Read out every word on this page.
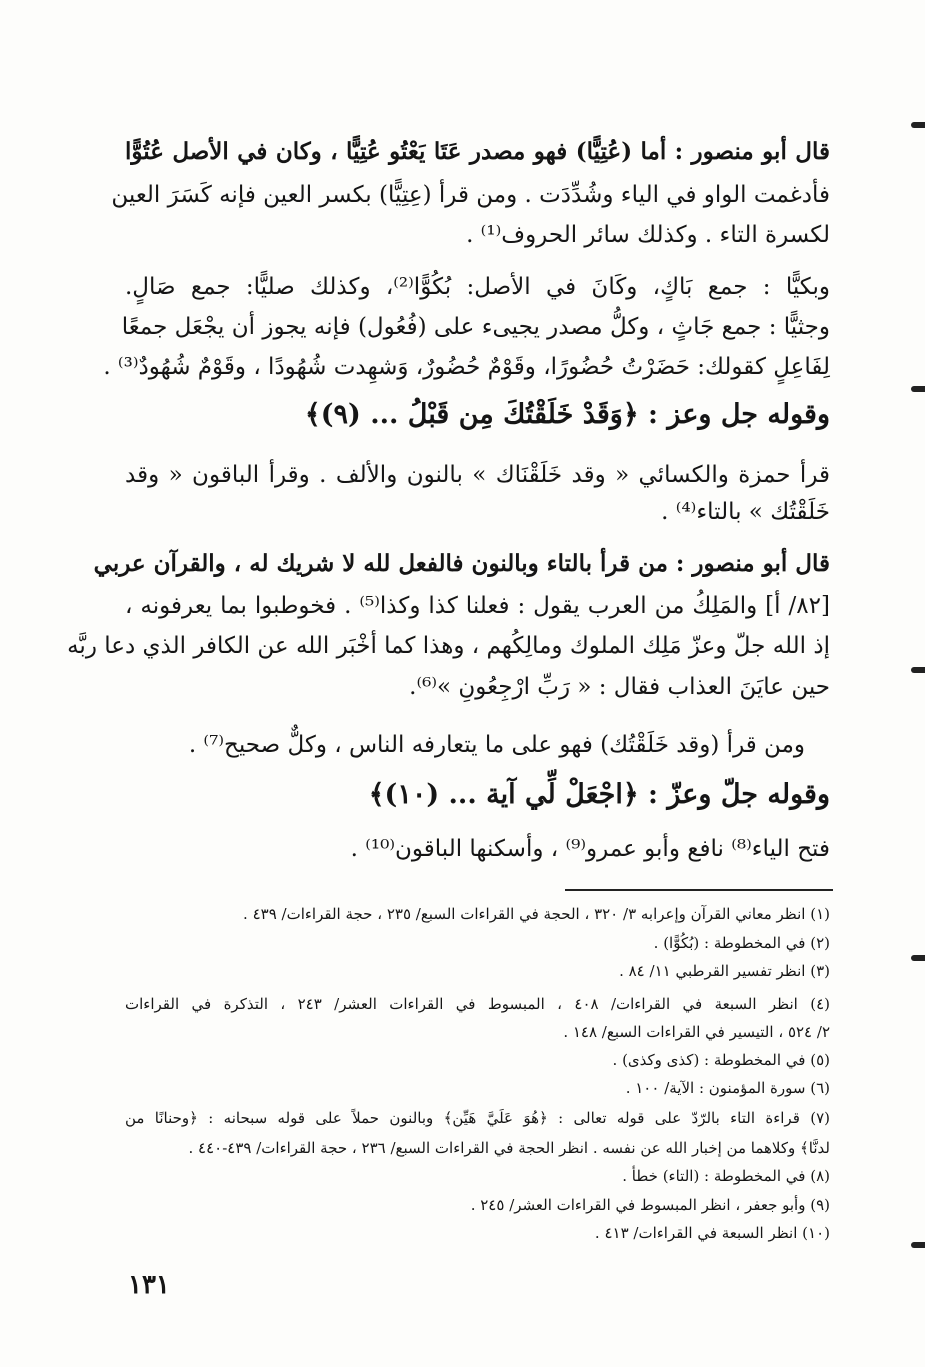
قال أبو منصور : أما (عُتِيًّا) فهو مصدر عَتَا يَعْتُو عُتِيًّا ، وكان في الأصل عُتُوًّا
فأدغمت الواو في الياء وشُدِّدَت . ومن قرأ (عِتِيًّا) بكسر العين فإنه كَسَرَ العين
لكسرة التاء . وكذلك سائر الحروف⁽¹⁾ .
وبكيًّا : جمع بَاكٍ، وكَانَ في الأصل: بُكُوًّا⁽²⁾، وكذلك صليًّا: جمع صَالٍ.
وجثيًّا : جمع جَاثٍ ، وكلُّ مصدر يجيىء على (فُعُول) فإنه يجوز أن يجْعَل جمعًا
لِفَاعِلٍ كقولك: حَضَرْتُ حُضُورًا، وقَوْمٌ حُضُورٌ، وَشهِدت شُهُودًا ، وقَوْمٌ شُهُودٌ⁽³⁾ .
وقوله جل وعز : ﴿وَقَدْ خَلَقْتُكَ مِن قَبْلُ ... (٩)﴾
قرأ حمزة والكسائي « وقد خَلَقْنَاك » بالنون والألف . وقرأ الباقون « وقد
خَلَقْتُك » بالتاء⁽⁴⁾ .
قال أبو منصور : من قرأ بالتاء وبالنون فالفعل لله لا شريك له ، والقرآن عربي
[٨٢/ أ] والمَلِكُ من العرب يقول : فعلنا كذا وكذا⁽⁵⁾ . فخوطبوا بما يعرفونه ،
إذ الله جلّ وعزّ مَلِك الملوك ومالِكُهم ، وهذا كما أخْبَر الله عن الكافر الذي دعا ربَّه
حين عايَنَ العذاب فقال : « رَبِّ ارْجِعُونِ »⁽⁶⁾.
ومن قرأ (وقد خَلَقْتُك) فهو على ما يتعارفه الناس ، وكلٌّ صحيح⁽⁷⁾ .
وقوله جلّ وعزّ : ﴿اجْعَلْ لِّي آية ... (١٠)﴾
فتح الياء⁽⁸⁾ نافع وأبو عمرو⁽⁹⁾ ، وأسكنها الباقون⁽¹⁰⁾ .
(١) انظر معاني القرآن وإعرابه ٣/ ٣٢٠ ، الحجة في القراءات السبع/ ٢٣٥ ، حجة القراءات/ ٤٣٩ .
(٢) في المخطوطة : (بُكُوًّا) .
(٣) انظر تفسير القرطبي ١١/ ٨٤ .
(٤) انظر السبعة في القراءات/ ٤٠٨ ، المبسوط في القراءات العشر/ ٢٤٣ ، التذكرة في القراءات
٢/ ٥٢٤ ، التيسير في القراءات السبع/ ١٤٨ .
(٥) في المخطوطة : (كذى وكذى) .
(٦) سورة المؤمنون : الآية/ ١٠٠ .
(٧) قراءة التاء بالرّدّ على قوله تعالى : ﴿هُوَ عَلَيَّ هَيِّن﴾ وبالنون حملاً على قوله سبحانه : ﴿وحنانًا من
لدنَّا﴾ وكلاهما من إخبار الله عن نفسه . انظر الحجة في القراءات السبع/ ٢٣٦ ، حجة القراءات/ ٤٣٩-٤٤٠ .
(٨) في المخطوطة : (التاء) خطأ .
(٩) وأبو جعفر ، انظر المبسوط في القراءات العشر/ ٢٤٥ .
(١٠) انظر السبعة في القراءات/ ٤١٣ .
١٣١
